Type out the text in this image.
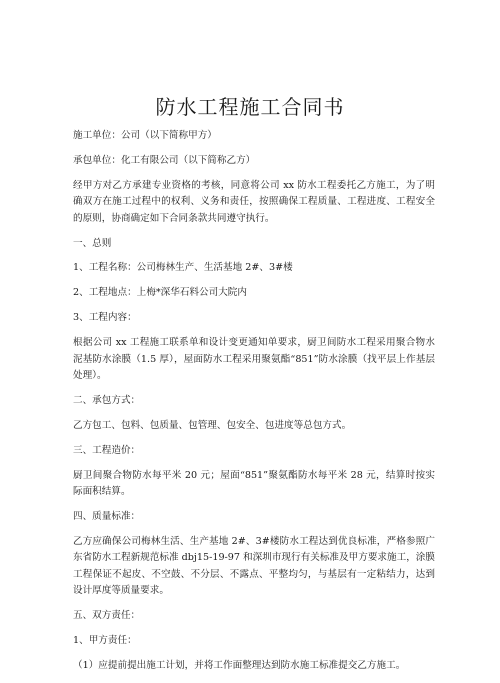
防水工程施工合同书

施工单位：公司（以下简称甲方）

承包单位：化工有限公司（以下简称乙方）

经甲方对乙方承建专业资格的考核，同意将公司 xx 防水工程委托乙方施工，为了明确双方在施工过程中的权利、义务和责任，按照确保工程质量、工程进度、工程安全的原则，协商确定如下合同条款共同遵守执行。

一、总则

1、工程名称：公司梅林生产、生活基地 2#、3#楼

2、工程地点：上梅*深华石料公司大院内

3、工程内容：

根据公司 xx 工程施工联系单和设计变更通知单要求，厨卫间防水工程采用聚合物水泥基防水涂膜（1.5 厚），屋面防水工程采用聚氨酯“851”防水涂膜（找平层上作基层处理）。

二、承包方式：

乙方包工、包料、包质量、包管理、包安全、包进度等总包方式。

三、工程造价：

厨卫间聚合物防水每平米 20 元；屋面“851”聚氨酯防水每平米 28 元，结算时按实际面积结算。

四、质量标准：

乙方应确保公司梅林生活、生产基地 2#、3#楼防水工程达到优良标准，严格参照广东省防水工程新规范标准 dbj15-19-97 和深圳市现行有关标准及甲方要求施工，涂膜工程保证不起皮、不空鼓、不分层、不露点、平整均匀，与基层有一定粘结力，达到设计厚度等质量要求。

五、双方责任：

1、甲方责任：

（1）应提前提出施工计划，并将工作面整理达到防水施工标准提交乙方施工。
